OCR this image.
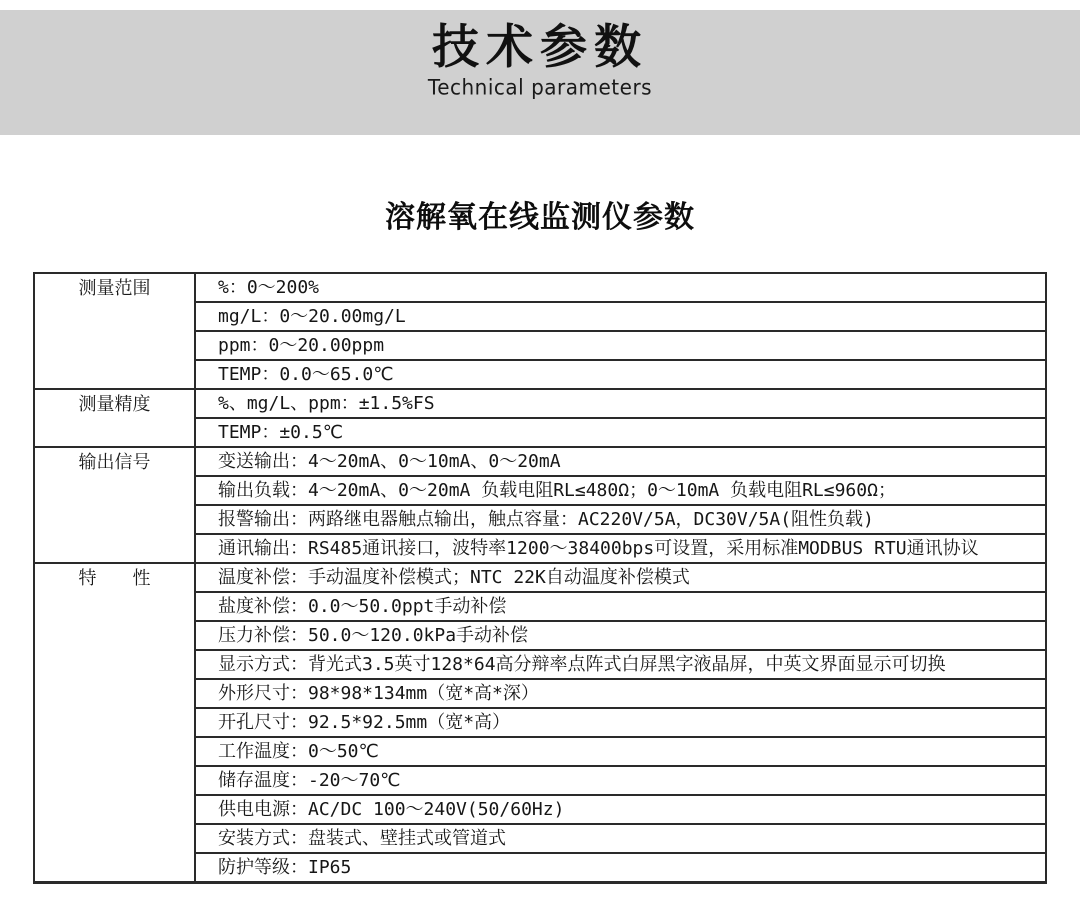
技术参数
Technical parameters
溶解氧在线监测仪参数
测量范围	%：0～200%
	mg/L：0～20.00mg/L
	ppm：0～20.00ppm
	TEMP：0.0～65.0℃
测量精度	%、mg/L、ppm：±1.5%FS
	TEMP：±0.5℃
输出信号	变送输出：4～20mA、0～10mA、0～20mA
	输出负载：4～20mA、0～20mA 负载电阻RL≤480Ω；0～10mA 负载电阻RL≤960Ω；
	报警输出：两路继电器触点输出，触点容量：AC220V/5A，DC30V/5A(阻性负载)
	通讯输出：RS485通讯接口，波特率1200～38400bps可设置，采用标准MODBUS RTU通讯协议
特　　性	温度补偿：手动温度补偿模式；NTC 22K自动温度补偿模式
	盐度补偿：0.0～50.0ppt手动补偿
	压力补偿：50.0～120.0kPa手动补偿
	显示方式：背光式3.5英寸128*64高分辩率点阵式白屏黑字液晶屏，中英文界面显示可切换
	外形尺寸：98*98*134mm（宽*高*深）
	开孔尺寸：92.5*92.5mm（宽*高）
	工作温度：0～50℃
	储存温度：-20～70℃
	供电电源：AC/DC 100～240V(50/60Hz)
	安装方式：盘装式、壁挂式或管道式
	防护等级：IP65
